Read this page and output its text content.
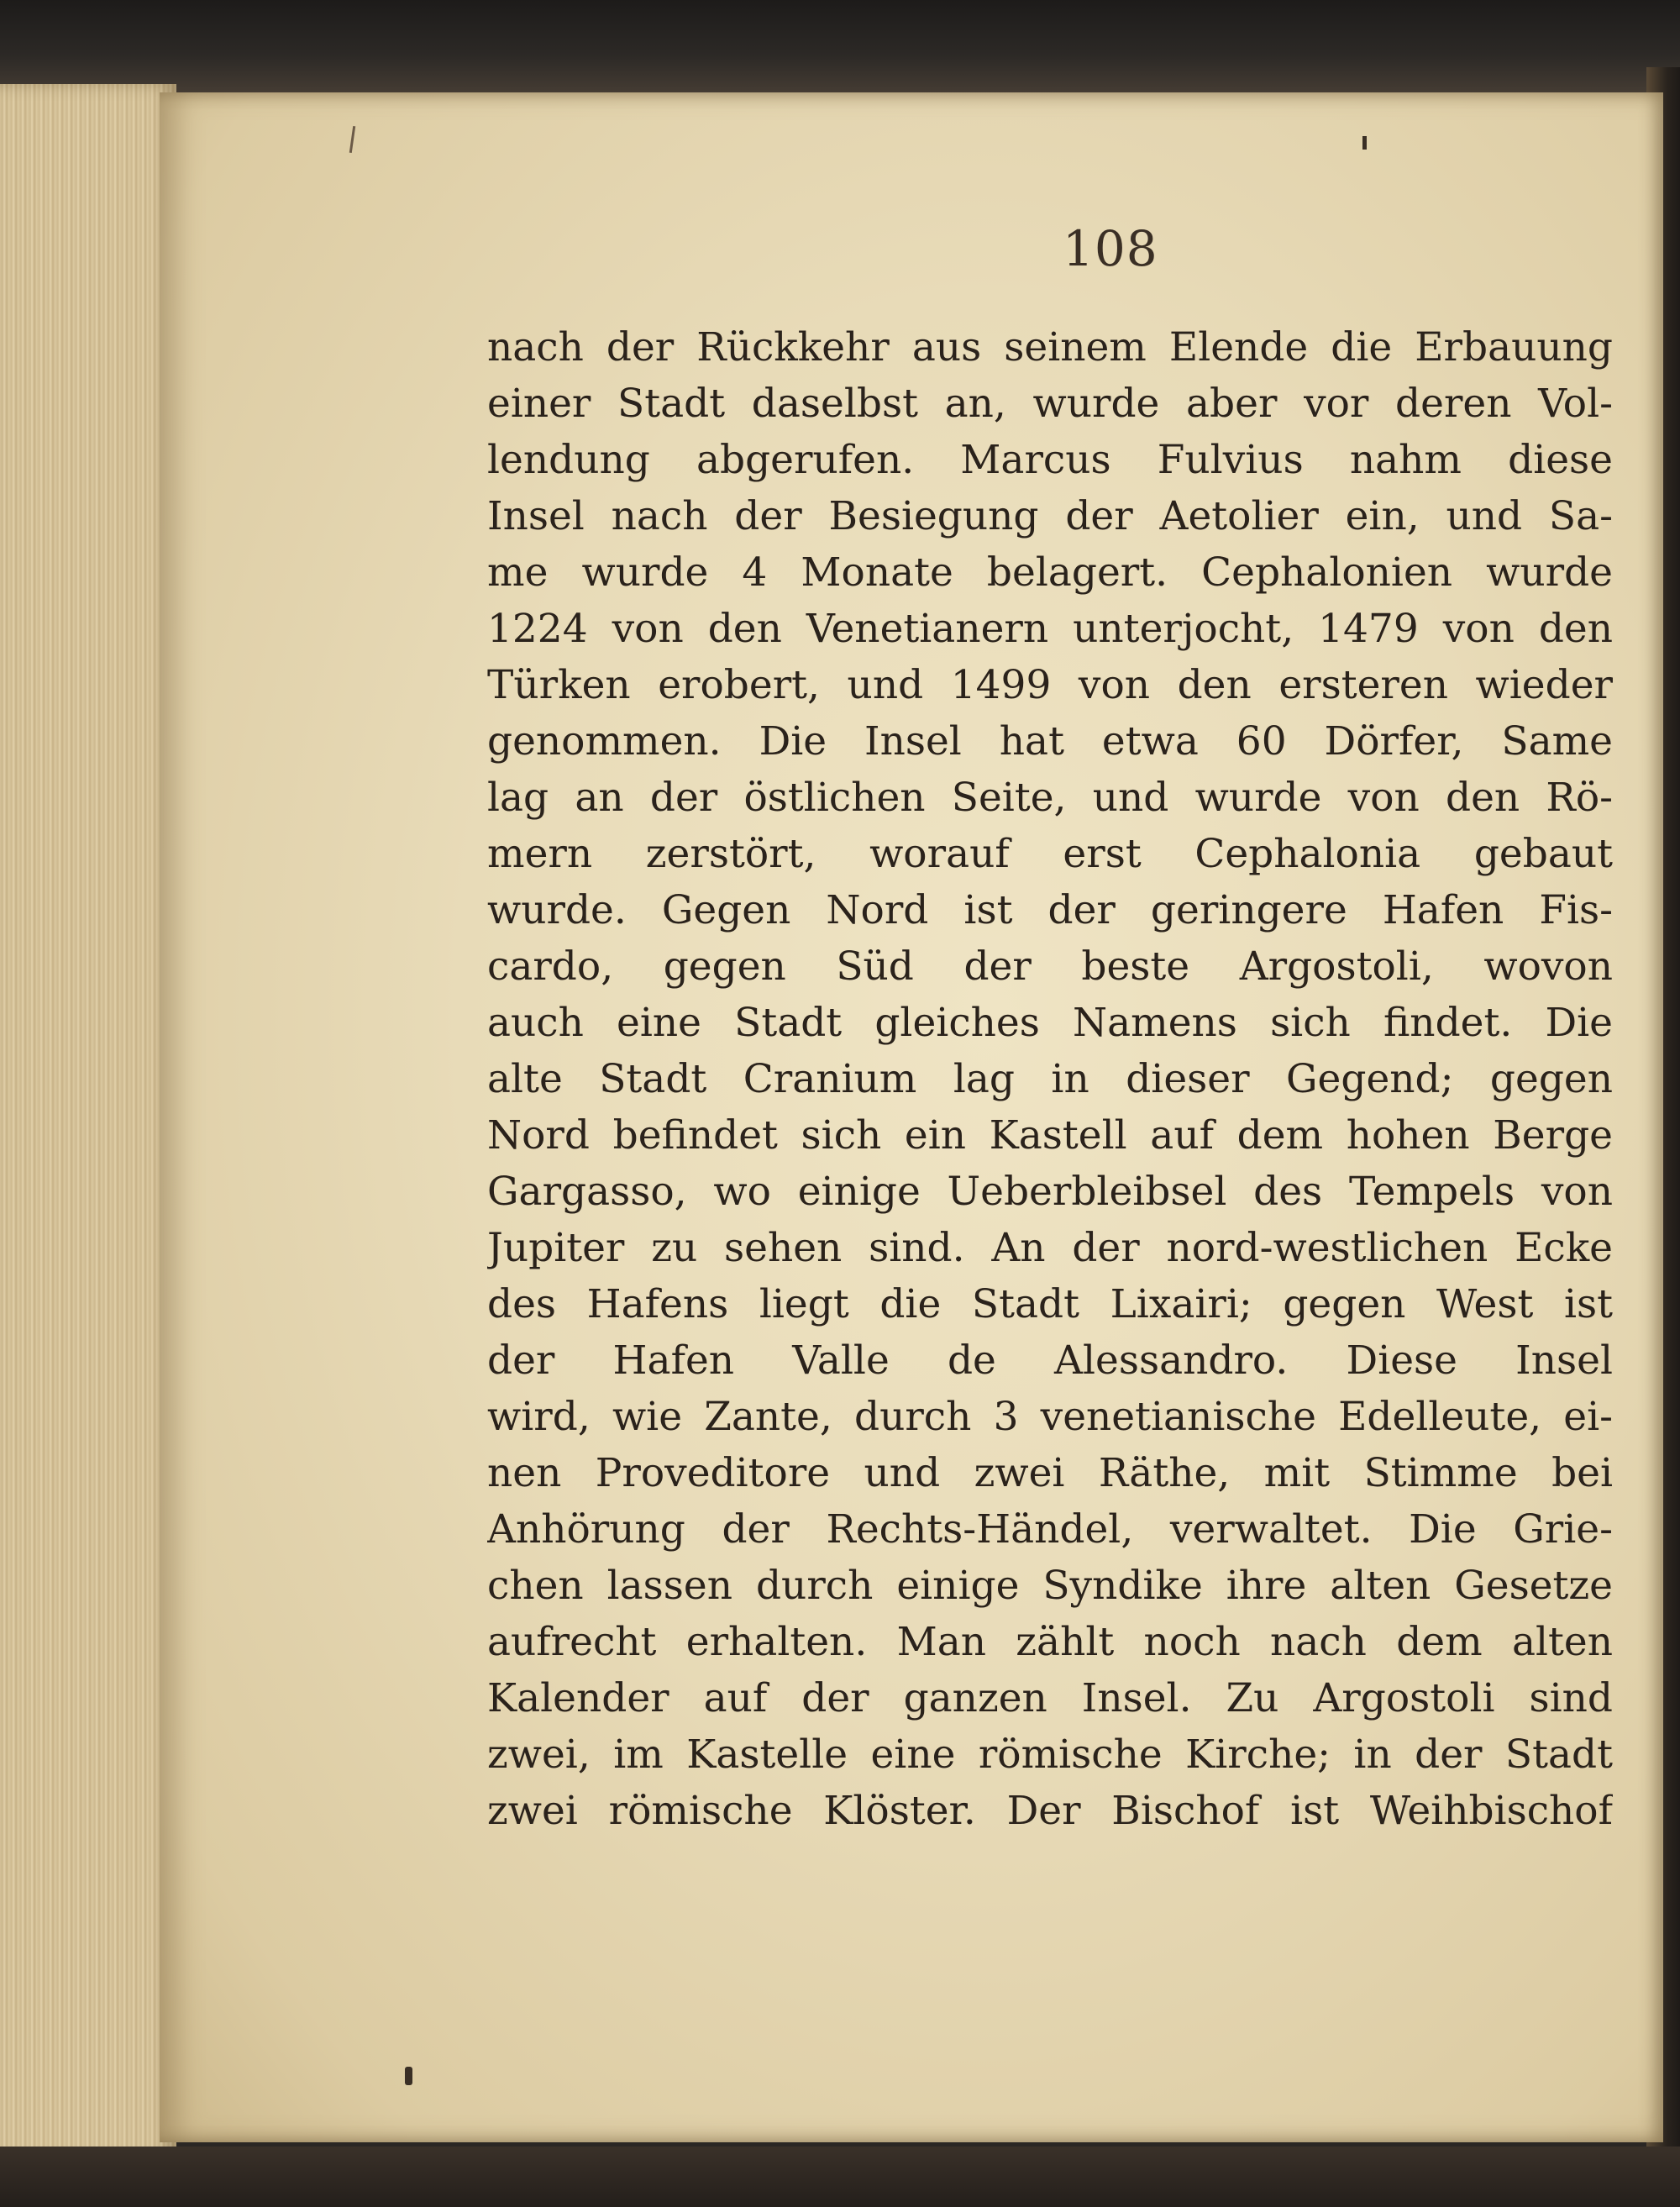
108
nach der Rückkehr aus seinem Elende die Erbauung
einer Stadt daselbst an, wurde aber vor deren Vol-
lendung abgerufen. Marcus Fulvius nahm diese
Insel nach der Besiegung der Aetolier ein, und Sa-
me wurde 4 Monate belagert. Cephalonien wurde
1224 von den Venetianern unterjocht, 1479 von den
Türken erobert, und 1499 von den ersteren wieder
genommen. Die Insel hat etwa 60 Dörfer, Same
lag an der östlichen Seite, und wurde von den Rö-
mern zerstört, worauf erst Cephalonia gebaut
wurde. Gegen Nord ist der geringere Hafen Fis-
cardo, gegen Süd der beste Argostoli, wovon
auch eine Stadt gleiches Namens sich findet. Die
alte Stadt Cranium lag in dieser Gegend; gegen
Nord befindet sich ein Kastell auf dem hohen Berge
Gargasso, wo einige Ueberbleibsel des Tempels von
Jupiter zu sehen sind. An der nord-westlichen Ecke
des Hafens liegt die Stadt Lixairi; gegen West ist
der Hafen Valle de Alessandro. Diese Insel
wird, wie Zante, durch 3 venetianische Edelleute, ei-
nen Proveditore und zwei Räthe, mit Stimme bei
Anhörung der Rechts-Händel, verwaltet. Die Grie-
chen lassen durch einige Syndike ihre alten Gesetze
aufrecht erhalten. Man zählt noch nach dem alten
Kalender auf der ganzen Insel. Zu Argostoli sind
zwei, im Kastelle eine römische Kirche; in der Stadt
zwei römische Klöster. Der Bischof ist Weihbischof
